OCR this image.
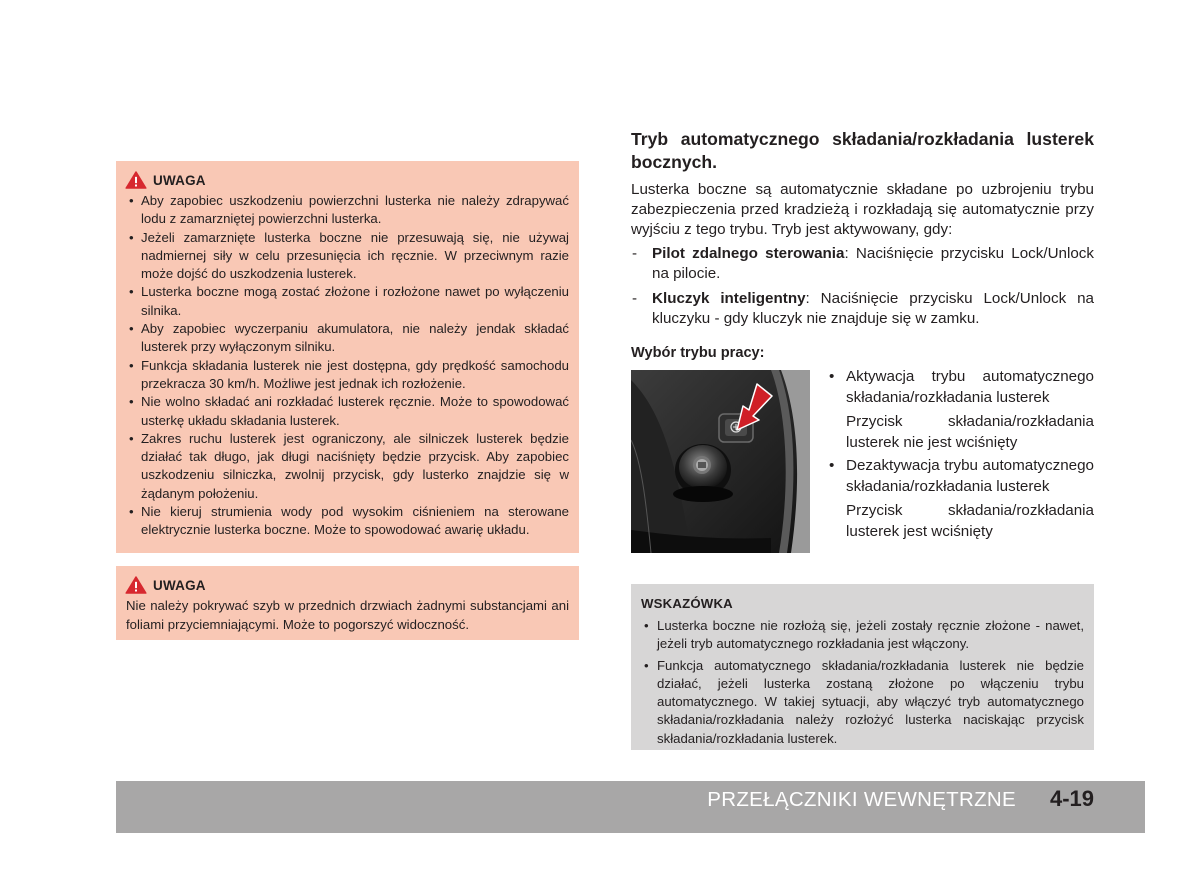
UWAGA
• Aby zapobiec uszkodzeniu powierzchni lusterka nie należy zdrapywać lodu z zamarzniętej powierzchni lusterka.
• Jeżeli zamarznięte lusterka boczne nie przesuwają się, nie używaj nadmiernej siły w celu przesunięcia ich ręcznie. W przeciwnym razie może dojść do uszkodzenia lusterek.
• Lusterka boczne mogą zostać złożone i rozłożone nawet po wyłączeniu silnika.
• Aby zapobiec wyczerpaniu akumulatora, nie należy jendak składać lusterek przy wyłączonym silniku.
• Funkcja składania lusterek nie jest dostępna, gdy prędkość samochodu przekracza 30 km/h. Możliwe jest jednak ich rozłożenie.
• Nie wolno składać ani rozkładać lusterek ręcznie. Może to spowodować usterkę układu składania lusterek.
• Zakres ruchu lusterek jest ograniczony, ale silniczek lusterek będzie działać tak długo, jak długi naciśnięty będzie przycisk. Aby zapobiec uszkodzeniu silniczka, zwolnij przycisk, gdy lusterko znajdzie się w żądanym położeniu.
• Nie kieruj strumienia wody pod wysokim ciśnieniem na sterowane elektrycznie lusterka boczne. Może to spowodować awarię układu.
UWAGA

Nie należy pokrywać szyb w przednich drzwiach żadnymi substancjami ani foliami przyciemniającymi. Może to pogorszyć widoczność.

Tryb automatycznego składania/rozkładania lusterek bocznych.

Lusterka boczne są automatycznie składane po uzbrojeniu trybu zabezpieczenia przed kradzieżą i rozkładają się automatycznie przy wyjściu z tego trybu. Tryb jest aktywowany, gdy:

- Pilot zdalnego sterowania: Naciśnięcie przycisku Lock/Unlock na pilocie.
- Kluczyk inteligentny: Naciśnięcie przycisku Lock/Unlock na kluczyku - gdy kluczyk nie znajduje się w zamku.
Wybór trybu pracy:
• Aktywacja trybu automatycznego składania/rozkładania lusterek
Przycisk składania/rozkładania lusterek nie jest wciśnięty
• Dezaktywacja trybu automatycznego składania/rozkładania lusterek
Przycisk składania/rozkładania lusterek jest wciśnięty
WSKAZÓWKA
• Lusterka boczne nie rozłożą się, jeżeli zostały ręcznie złożone - nawet, jeżeli tryb automatycznego rozkładania jest włączony.
• Funkcja automatycznego składania/rozkładania lusterek nie będzie działać, jeżeli lusterka zostaną złożone po włączeniu trybu automatycznego. W takiej sytuacji, aby włączyć tryb automatycznego składania/rozkładania należy rozłożyć lusterka naciskając przycisk składania/rozkładania lusterek.
PRZEŁĄCZNIKI WEWNĘTRZNE 4-19
